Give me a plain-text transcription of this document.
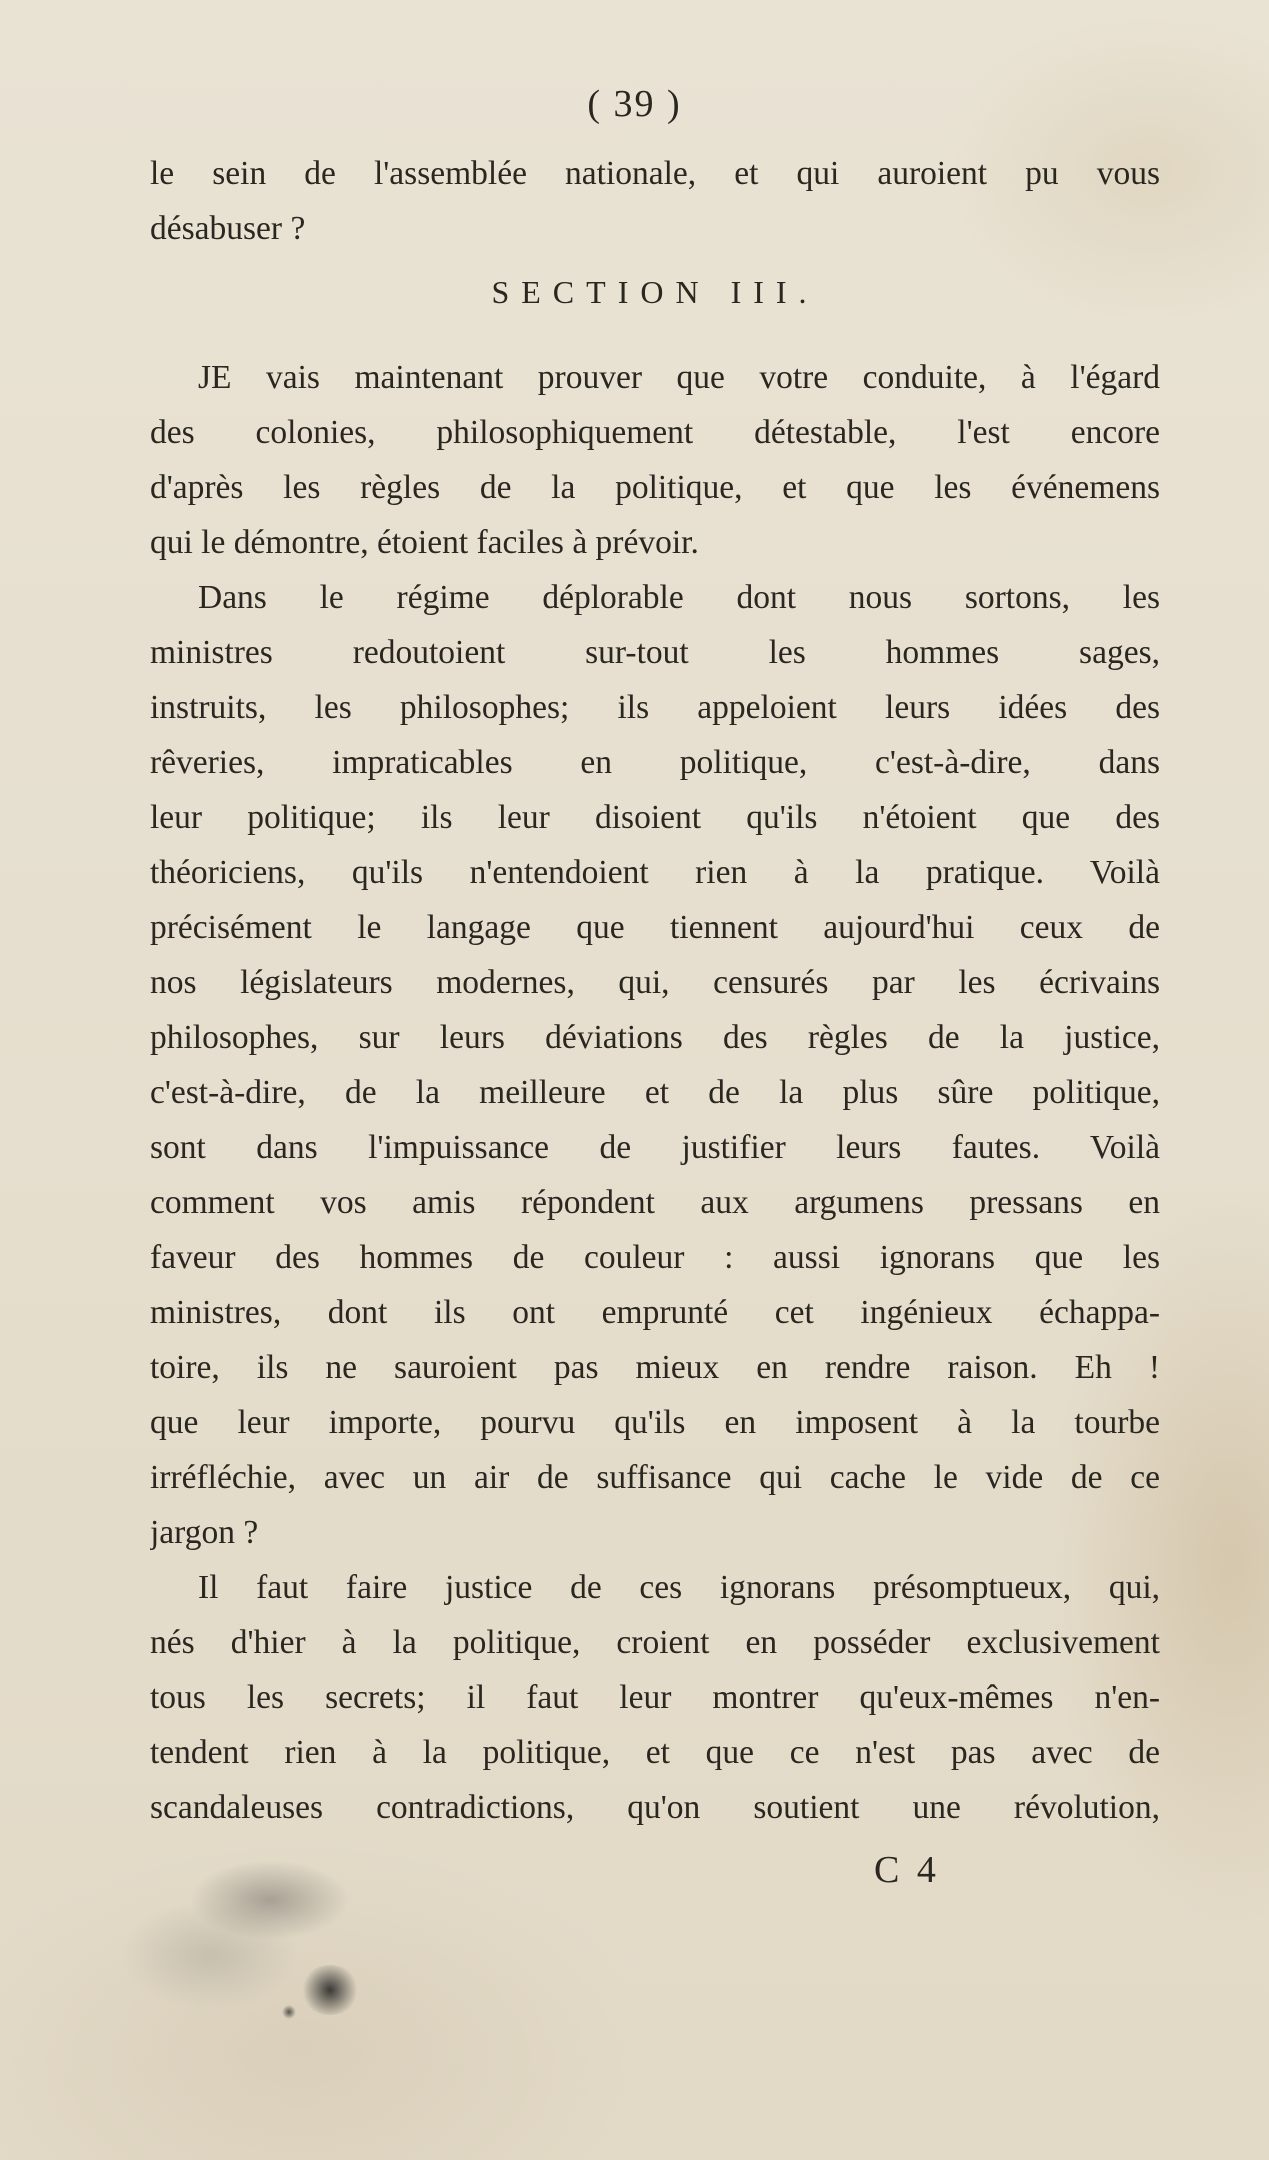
( 39 )
le sein de l'assemblée nationale, et qui auroient pu vous
désabuser ?
SECTION III.
JE vais maintenant prouver que votre conduite, à l'égard
des colonies, philosophiquement détestable, l'est encore
d'après les règles de la politique, et que les événemens
qui le démontre, étoient faciles à prévoir.
Dans le régime déplorable dont nous sortons, les
ministres redoutoient sur-tout les hommes sages,
instruits, les philosophes; ils appeloient leurs idées des
rêveries, impraticables en politique, c'est-à-dire, dans
leur politique; ils leur disoient qu'ils n'étoient que des
théoriciens, qu'ils n'entendoient rien à la pratique. Voilà
précisément le langage que tiennent aujourd'hui ceux de
nos législateurs modernes, qui, censurés par les écrivains
philosophes, sur leurs déviations des règles de la justice,
c'est-à-dire, de la meilleure et de la plus sûre politique,
sont dans l'impuissance de justifier leurs fautes. Voilà
comment vos amis répondent aux argumens pressans en
faveur des hommes de couleur : aussi ignorans que les
ministres, dont ils ont emprunté cet ingénieux échappa-
toire, ils ne sauroient pas mieux en rendre raison. Eh !
que leur importe, pourvu qu'ils en imposent à la tourbe
irréfléchie, avec un air de suffisance qui cache le vide de ce
jargon ?
Il faut faire justice de ces ignorans présomptueux, qui,
nés d'hier à la politique, croient en posséder exclusivement
tous les secrets; il faut leur montrer qu'eux-mêmes n'en-
tendent rien à la politique, et que ce n'est pas avec de
scandaleuses contradictions, qu'on soutient une révolution,
C 4
